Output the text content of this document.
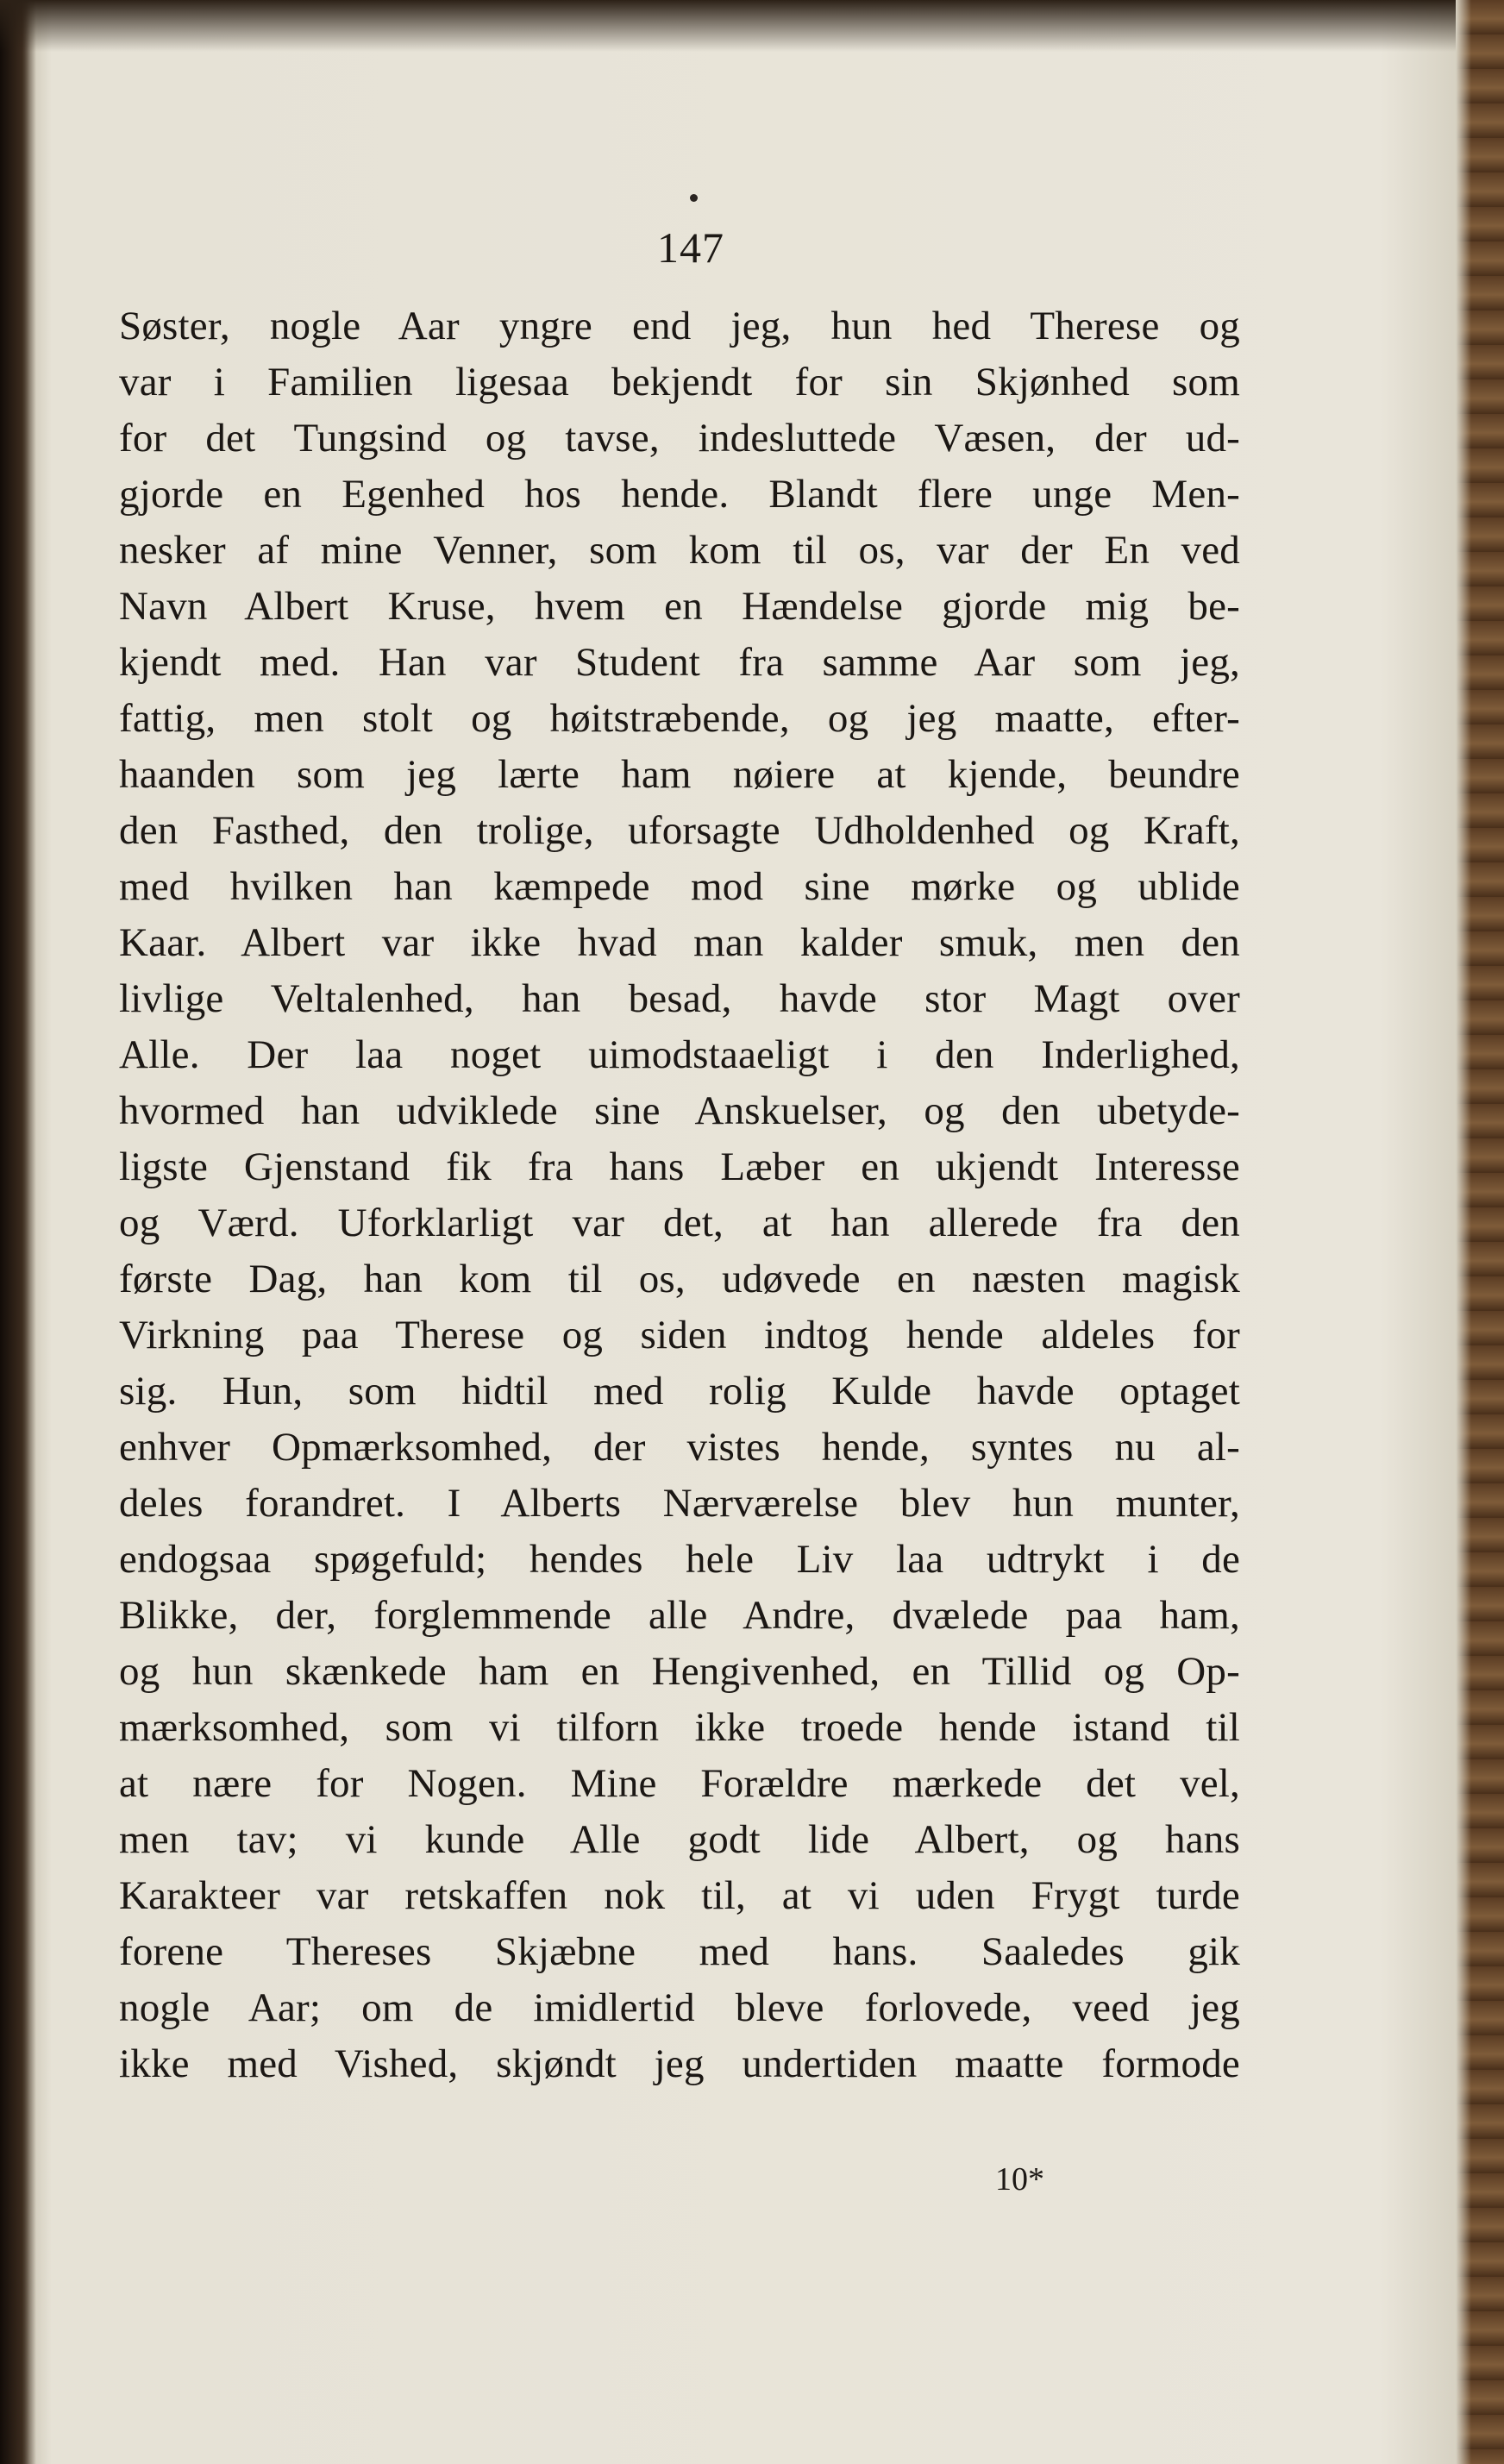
147
Søster, nogle Aar yngre end jeg, hun hed Therese og
var i Familien ligesaa bekjendt for sin Skjønhed som
for det Tungsind og tavse, indesluttede Væsen, der ud-
gjorde en Egenhed hos hende. Blandt flere unge Men-
nesker af mine Venner, som kom til os, var der En ved
Navn Albert Kruse, hvem en Hændelse gjorde mig be-
kjendt med. Han var Student fra samme Aar som jeg,
fattig, men stolt og høitstræbende, og jeg maatte, efter-
haanden som jeg lærte ham nøiere at kjende, beundre
den Fasthed, den trolige, uforsagte Udholdenhed og Kraft,
med hvilken han kæmpede mod sine mørke og ublide
Kaar. Albert var ikke hvad man kalder smuk, men den
livlige Veltalenhed, han besad, havde stor Magt over
Alle. Der laa noget uimodstaaeligt i den Inderlighed,
hvormed han udviklede sine Anskuelser, og den ubetyde-
ligste Gjenstand fik fra hans Læber en ukjendt Interesse
og Værd. Uforklarligt var det, at han allerede fra den
første Dag, han kom til os, udøvede en næsten magisk
Virkning paa Therese og siden indtog hende aldeles for
sig. Hun, som hidtil med rolig Kulde havde optaget
enhver Opmærksomhed, der vistes hende, syntes nu al-
deles forandret. I Alberts Nærværelse blev hun munter,
endogsaa spøgefuld; hendes hele Liv laa udtrykt i de
Blikke, der, forglemmende alle Andre, dvælede paa ham,
og hun skænkede ham en Hengivenhed, en Tillid og Op-
mærksomhed, som vi tilforn ikke troede hende istand til
at nære for Nogen. Mine Forældre mærkede det vel,
men tav; vi kunde Alle godt lide Albert, og hans
Karakteer var retskaffen nok til, at vi uden Frygt turde
forene Thereses Skjæbne med hans. Saaledes gik
nogle Aar; om de imidlertid bleve forlovede, veed jeg
ikke med Vished, skjøndt jeg undertiden maatte formode
10*
